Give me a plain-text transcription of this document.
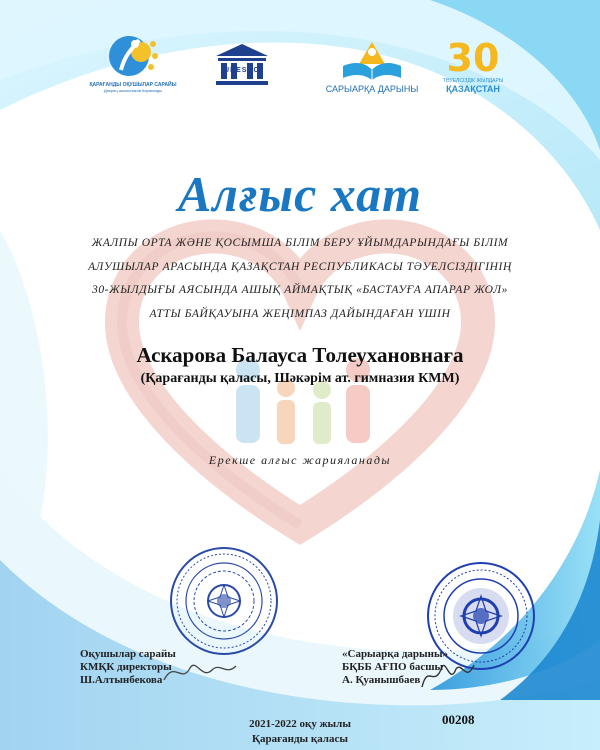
ҚАРАҒАНДЫ ОҚУШЫЛАР САРАЙЫ
Дворец школьников Караганды
UNESCO
САРЫАРҚА ДАРЫНЫ
30
ТӘУЕЛСІЗДІК ЖЫЛДАРЫ
ҚАЗАҚСТАН
Алғыс хат
ЖАЛПЫ ОРТА ЖӘНЕ ҚОСЫМША БІЛІМ БЕРУ ҰЙЫМДАРЫНДАҒЫ БІЛІМ
АЛУШЫЛАР АРАСЫНДА ҚАЗАҚСТАН РЕСПУБЛИКАСЫ ТӘУЕЛСІЗДІГІНІҢ
30-ЖЫЛДЫҒЫ АЯСЫНДА АШЫҚ АЙМАҚТЫҚ «БАСТАУҒА АПАРАР ЖОЛ»
АТТЫ БАЙҚАУЫНА ЖЕҢІМПАЗ ДАЙЫНДАҒАН ҮШІН
Аскарова Балауса Толеухановнаға
(Қарағанды қаласы, Шәкәрім ат. гимназия КММ)
Ерекше алғыс жарияланады
Оқушылар сарайы
КМҚК директоры
Ш.Алтынбекова
«Сарыарқа дарыны»
БҚББ АҒПО басшы
А. Қуанышбаев
2021-2022 оқу жылы
Қарағанды қаласы
00208
